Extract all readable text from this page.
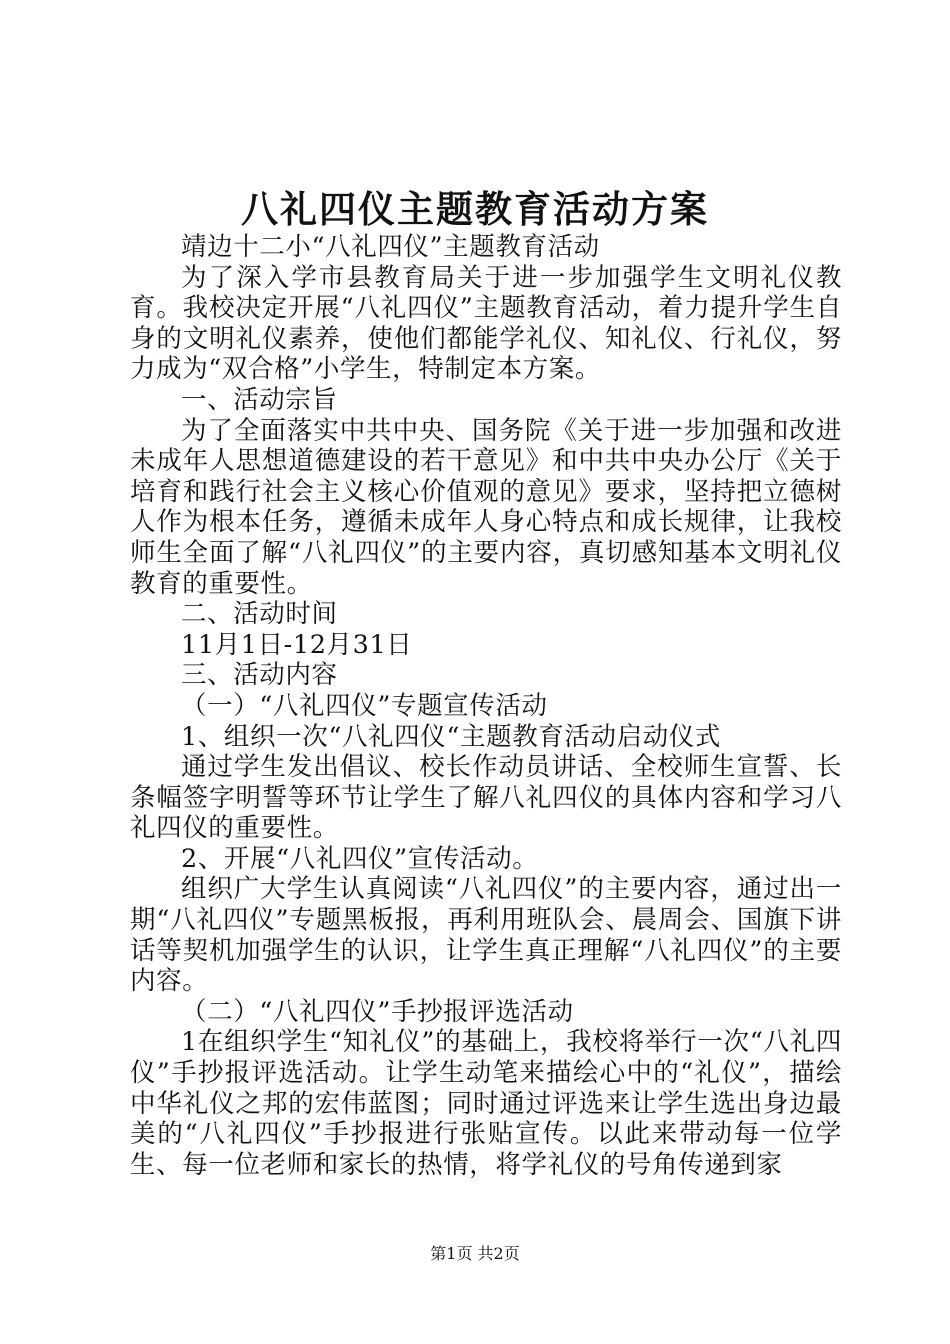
八礼四仪主题教育活动方案

靖边十二小“八礼四仪”主题教育活动

为了深入学市县教育局关于进一步加强学生文明礼仪教育。我校决定开展“八礼四仪”主题教育活动，着力提升学生自身的文明礼仪素养，使他们都能学礼仪、知礼仪、行礼仪，努力成为“双合格”小学生，特制定本方案。

一、活动宗旨

为了全面落实中共中央、国务院《关于进一步加强和改进未成年人思想道德建设的若干意见》和中共中央办公厅《关于培育和践行社会主义核心价值观的意见》要求，坚持把立德树人作为根本任务，遵循未成年人身心特点和成长规律，让我校师生全面了解“八礼四仪”的主要内容，真切感知基本文明礼仪教育的重要性。

二、活动时间

11月1日-12月31日

三、活动内容

（一）“八礼四仪”专题宣传活动

1、组织一次“八礼四仪“主题教育活动启动仪式

通过学生发出倡议、校长作动员讲话、全校师生宣誓、长条幅签字明誓等环节让学生了解八礼四仪的具体内容和学习八礼四仪的重要性。

2、开展“八礼四仪”宣传活动。

组织广大学生认真阅读“八礼四仪”的主要内容，通过出一期“八礼四仪”专题黑板报，再利用班队会、晨周会、国旗下讲话等契机加强学生的认识，让学生真正理解“八礼四仪”的主要内容。

（二）“八礼四仪”手抄报评选活动

1在组织学生“知礼仪”的基础上，我校将举行一次“八礼四仪”手抄报评选活动。让学生动笔来描绘心中的“礼仪”，描绘中华礼仪之邦的宏伟蓝图；同时通过评选来让学生选出身边最美的“八礼四仪”手抄报进行张贴宣传。以此来带动每一位学生、每一位老师和家长的热情，将学礼仪的号角传递到家

第1页 共2页
